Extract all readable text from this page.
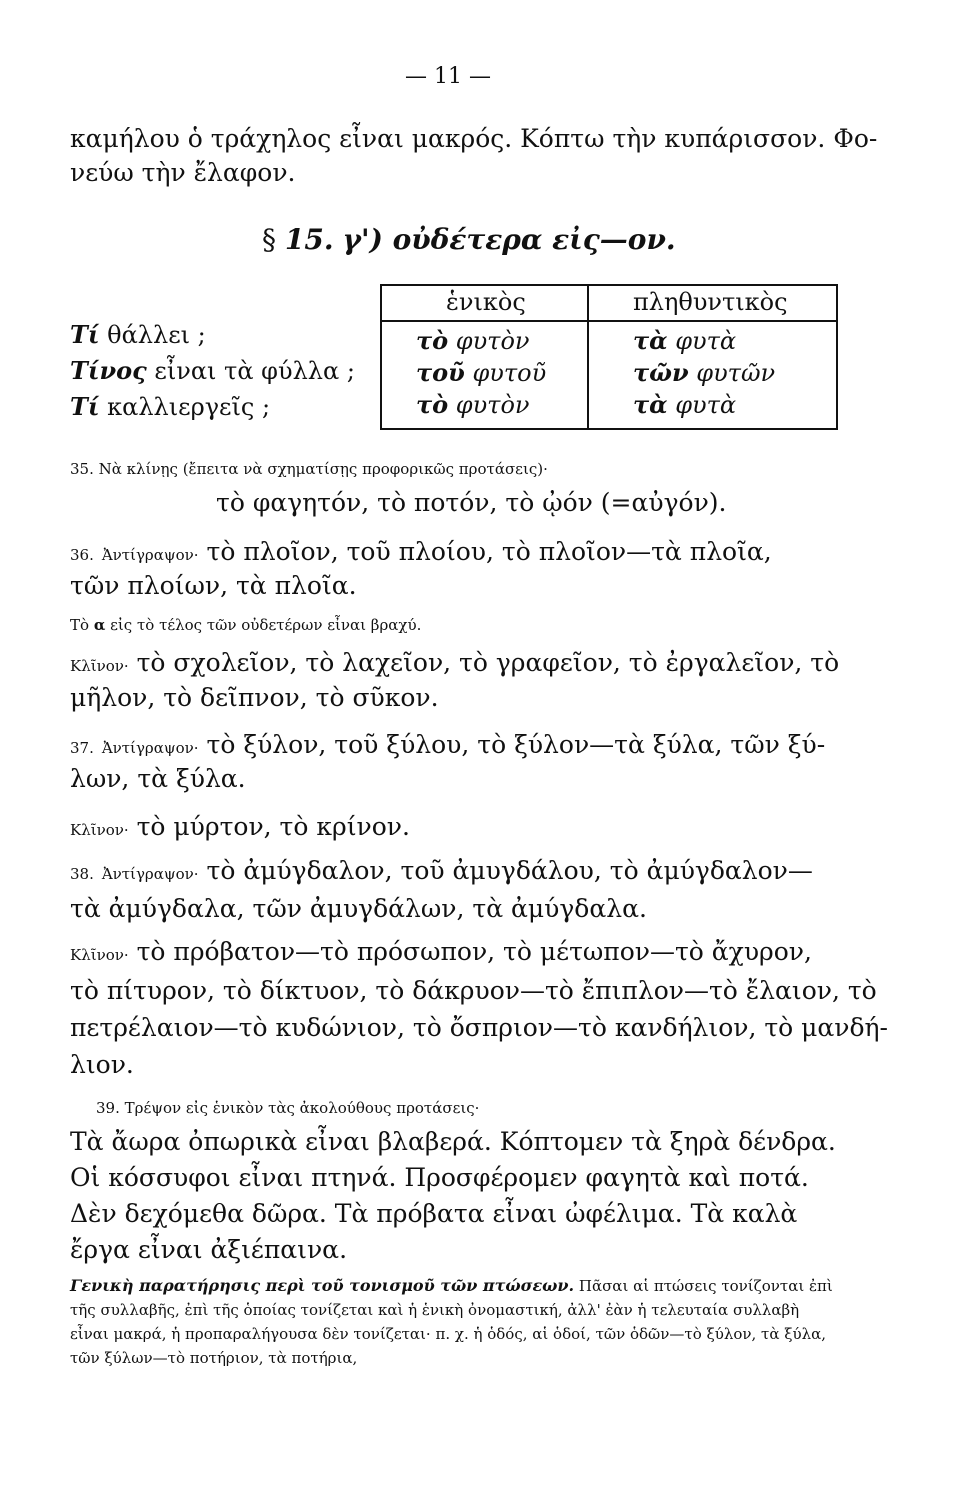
— 11 —
καμήλου ὁ τράχηλος εἶναι μακρός. Κόπτω τὴν κυπάρισσον. Φο-
νεύω τὴν ἔλαφον.
§ 15. γ') οὐδέτερα εἰς—ον.
Τί θάλλει ;
Τίνος εἶναι τὰ φύλλα ;
Τί καλλιεργεῖς ;
ἑνικὸς	πληθυντικὸς
τὸ φυτὸν
τοῦ φυτοῦ
τὸ φυτὸν
τὰ φυτὰ
τῶν φυτῶν
τὰ φυτὰ
35. Νὰ κλίνῃς (ἔπειτα νὰ σχηματίσῃς προφορικῶς προτάσεις)·
τὸ φαγητόν, τὸ ποτόν, τὸ ᾠόν (=αὐγόν).
36. Ἀντίγραψον· τὸ πλοῖον, τοῦ πλοίου, τὸ πλοῖον—τὰ πλοῖα,
τῶν πλοίων, τὰ πλοῖα.
Τὸ α εἰς τὸ τέλος τῶν οὐδετέρων εἶναι βραχύ.
Κλῖνον· τὸ σχολεῖον, τὸ λαχεῖον, τὸ γραφεῖον, τὸ ἐργαλεῖον, τὸ
μῆλον, τὸ δεῖπνον, τὸ σῦκον.
37. Ἀντίγραψον· τὸ ξύλον, τοῦ ξύλου, τὸ ξύλον—τὰ ξύλα, τῶν ξύ-
λων, τὰ ξύλα.
Κλῖνον· τὸ μύρτον, τὸ κρίνον.
38. Ἀντίγραψον· τὸ ἀμύγδαλον, τοῦ ἀμυγδάλου, τὸ ἀμύγδαλον—
τὰ ἀμύγδαλα, τῶν ἀμυγδάλων, τὰ ἀμύγδαλα.
Κλῖνον· τὸ πρόβατον—τὸ πρόσωπον, τὸ μέτωπον—τὸ ἄχυρον,
τὸ πίτυρον, τὸ δίκτυον, τὸ δάκρυον—τὸ ἔπιπλον—τὸ ἔλαιον, τὸ
πετρέλαιον—τὸ κυδώνιον, τὸ ὄσπριον—τὸ κανδήλιον, τὸ μανδή-
λιον.
39. Τρέψον εἰς ἑνικὸν τὰς ἀκολούθους προτάσεις·
Τὰ ἄωρα ὀπωρικὰ εἶναι βλαβερά. Κόπτομεν τὰ ξηρὰ δένδρα. Οἱ κόσσυφοι εἶναι πτηνά. Προσφέρομεν φαγητὰ καὶ ποτά. Δὲν δεχόμεθα δῶρα. Τὰ πρόβατα εἶναι ὠφέλιμα. Τὰ καλὰ ἔργα εἶναι ἀξιέπαινα.
Γενικὴ παρατήρησις περὶ τοῦ τονισμοῦ τῶν πτώσεων. Πᾶσαι αἱ πτώσεις τονίζονται ἐπὶ τῆς συλλαβῆς, ἐπὶ τῆς ὁποίας τονίζεται καὶ ἡ ἑνικὴ ὀνομαστική, ἀλλ' ἐὰν ἡ τελευταία συλλαβὴ εἶναι μακρά, ἡ προπαραλήγουσα δὲν τονίζεται· π. χ. ἡ ὁδός, αἱ ὁδοί, τῶν ὁδῶν—τὸ ξύλον, τὰ ξύλα, τῶν ξύλων—τὸ ποτήριον, τὰ ποτήρια,
